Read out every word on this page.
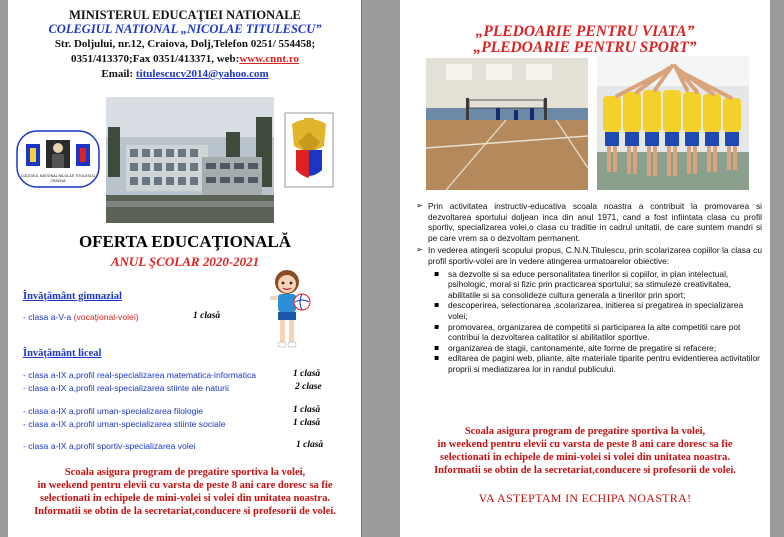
MINISTERUL EDUCAŢIEI NATIONALE
COLEGIUL NATIONAL „NICOLAE TITULESCU”
Str. Doljului, nr.12, Craiova, Dolj,Telefon 0251/ 554458;
0351/413370;Fax 0351/413371, web:www.cnnt.ro
Email: titulescucv2014@yahoo.com
COLEGIUL NATIONAL NICOLAE TITULESCU
CRAIOVA
OFERTA EDUCAŢIONALĂ
ANUL ŞCOLAR 2020-2021
Învăţământ gimnazial
- clasa a-V-a (vocaţional-volei)	1 clasă
Învăţământ liceal
- clasa a-IX a,profil real-specializarea matematica-informatica	1 clasă
- clasa a-IX a,profil real-specializarea stiinte ale naturii	2 clase
- clasa a-IX a,profil uman-specializarea filologie	1 clasă
- clasa a-IX a,profil uman-specializarea stiinte sociale	1 clasă
- clasa a-IX a,profil sportiv-specializarea volei	1 clasă
Scoala asigura program de pregatire sportiva la volei,
in weekend pentru elevii cu varsta de peste 8 ani care doresc sa fie
selectionati in echipele de mini-volei si volei din unitatea noastra.
Informatii se obtin de la secretariat,conducere si profesorii de volei.
„PLEDOARIE PENTRU VIATA”
„PLEDOARIE PENTRU SPORT”

➢ Prin activitatea instructiv-educativa scoala noastra a contribuit la promovarea si dezvoltarea sportului doljean inca din anul 1971, cand a fost infiintata clasa cu profil sportiv, specializarea volei,o clasa cu traditie in cadrul unitatii, de care suntem mandri si pe care vrem sa o dezvoltam permanent.

➢ In vederea atingerii scopului propus, C.N.N.Titulescu, prin scolarizarea copiilor la clasa cu profil sportiv-volei are in vedere atingerea urmatoarelor obiective:

▪ sa dezvolte si sa educe personalitatea tinerilor si copiilor, in plan intelectual, psihologic, moral si fizic prin practicarea sportului; sa stimuleze creativitatea, abilitatile si sa consolideze cultura generala a tinerilor prin sport;

▪ descoperirea, selectionarea ,scolarizarea, initierea si pregatirea in specializarea volei;

▪ promovarea, organizarea de competitii si participarea la alte competitii care pot contribui la dezvoltarea calitatilor si abilitatilor sportive.

▪ organizarea de stagii, cantonamente, alte forme de pregatire si refacere;

▪ editarea de pagini web, pliante, alte materiale tiparite pentru evidentierea activitatilor proprii si mediatizarea lor in randul publicului.

Scoala asigura program de pregatire sportiva la volei,
in weekend pentru elevii cu varsta de peste 8 ani care doresc sa fie
selectionati in echipele de mini-volei si volei din unitatea noastra.
Informatii se obtin de la secretariat,conducere si profesorii de volei.
VA ASTEPTAM IN ECHIPA NOASTRA!
